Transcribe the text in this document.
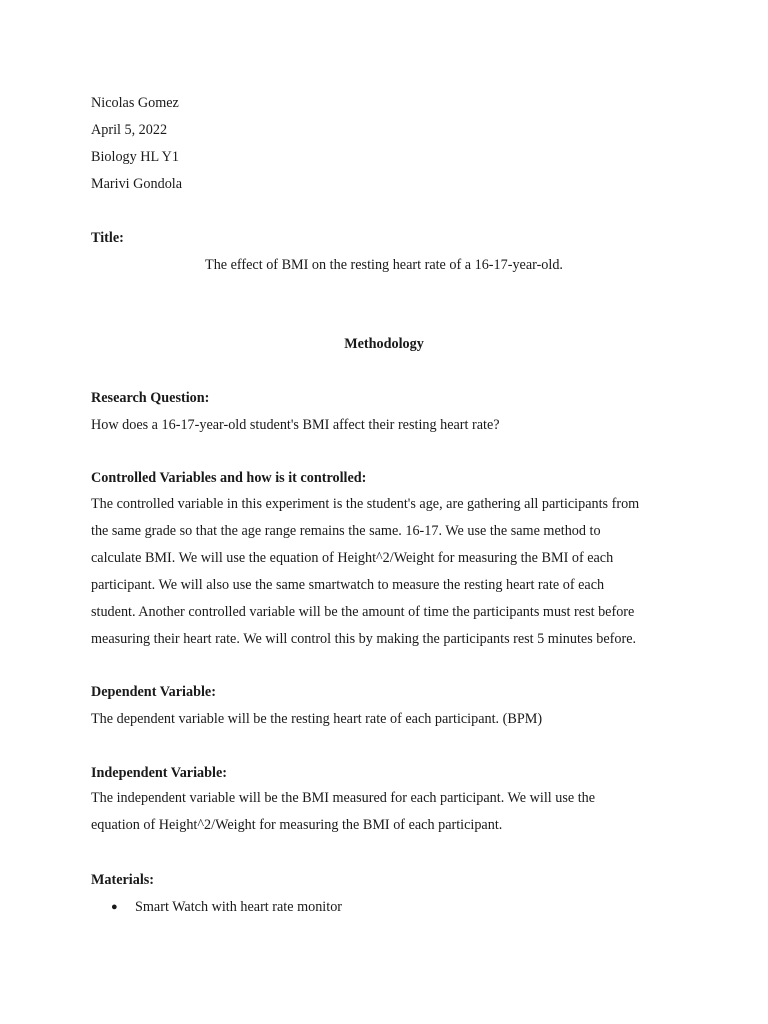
Nicolas Gomez
April 5, 2022
Biology HL Y1
Marivi Gondola
Title:
The effect of BMI on the resting heart rate of a 16-17-year-old.
Methodology
Research Question:
How does a 16-17-year-old student's BMI affect their resting heart rate?
Controlled Variables and how is it controlled:
The controlled variable in this experiment is the student's age, are gathering all participants from
the same grade so that the age range remains the same. 16-17. We use the same method to
calculate BMI. We will use the equation of Height^2/Weight for measuring the BMI of each
participant. We will also use the same smartwatch to measure the resting heart rate of each
student. Another controlled variable will be the amount of time the participants must rest before
measuring their heart rate. We will control this by making the participants rest 5 minutes before.
Dependent Variable:
The dependent variable will be the resting heart rate of each participant. (BPM)
Independent Variable:
The independent variable will be the BMI measured for each participant. We will use the
equation of Height^2/Weight for measuring the BMI of each participant.
Materials:
● Smart Watch with heart rate monitor
